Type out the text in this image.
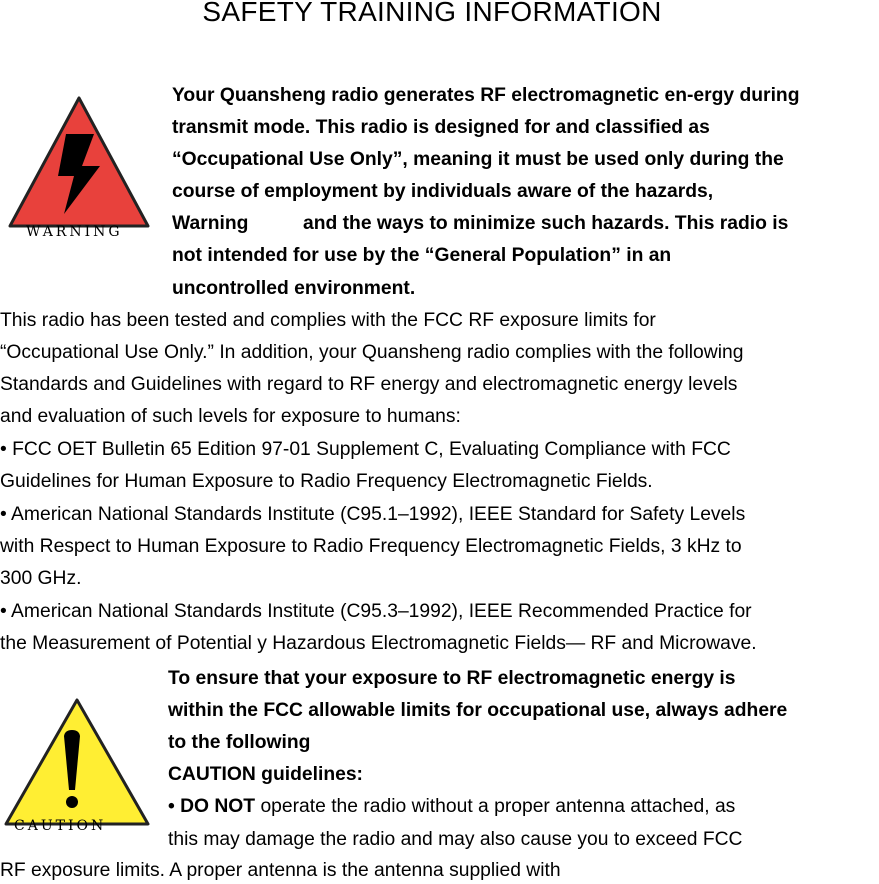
SAFETY TRAINING INFORMATION
WARNING
Your Quansheng radio generates RF electromagnetic en-ergy during
transmit mode. This radio is designed for and classified as
“Occupational Use Only”, meaning it must be used only during the
course of employment by individuals aware of the hazards,
Warning	and the ways to minimize such hazards. This radio is
not intended for use by the “General Population” in an
uncontrolled environment.
This radio has been tested and complies with the FCC RF exposure limits for
“Occupational Use Only.” In addition, your Quansheng radio complies with the following
Standards and Guidelines with regard to RF energy and electromagnetic energy levels
and evaluation of such levels for exposure to humans:
• FCC OET Bulletin 65 Edition 97-01 Supplement C, Evaluating Compliance with FCC
Guidelines for Human Exposure to Radio Frequency Electromagnetic Fields.
• American National Standards Institute (C95.1–1992), IEEE Standard for Safety Levels
with Respect to Human Exposure to Radio Frequency Electromagnetic Fields, 3 kHz to
300 GHz.
• American National Standards Institute (C95.3–1992), IEEE Recommended Practice for
the Measurement of Potential y Hazardous Electromagnetic Fields— RF and Microwave.
CAUTION
To ensure that your exposure to RF electromagnetic energy is
within the FCC allowable limits for occupational use, always adhere
to the following
CAUTION guidelines:
• DO NOT operate the radio without a proper antenna attached, as
this may damage the radio and may also cause you to exceed FCC
RF exposure limits. A proper antenna is the antenna supplied with
